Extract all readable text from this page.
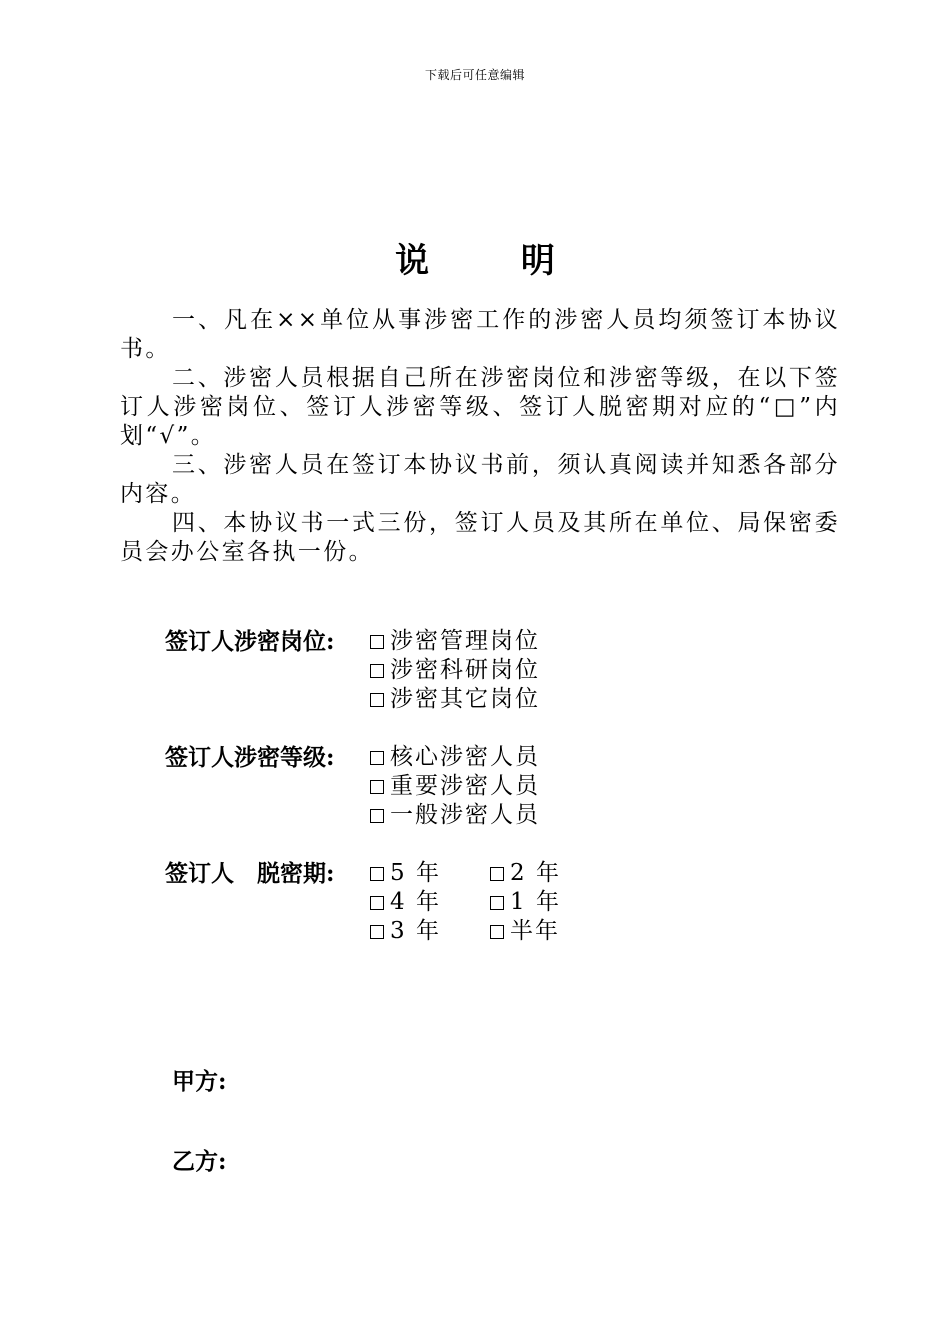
下载后可任意编辑
说 明

一、凡在××单位从事涉密工作的涉密人员均须签订本协议书。

二、涉密人员根据自己所在涉密岗位和涉密等级，在以下签订人涉密岗位、签订人涉密等级、签订人脱密期对应的“□”内划“√”。

三、涉密人员在签订本协议书前，须认真阅读并知悉各部分内容。

四、本协议书一式三份，签订人员及其所在单位、局保密委员会办公室各执一份。

签订人涉密岗位:	涉密管理岗位
涉密科研岗位
涉密其它岗位
签订人涉密等级:	核心涉密人员
重要涉密人员
一般涉密人员
签订人　脱密期:	5 年	2 年
4 年	1 年
3 年	半年
甲方:
乙方:
